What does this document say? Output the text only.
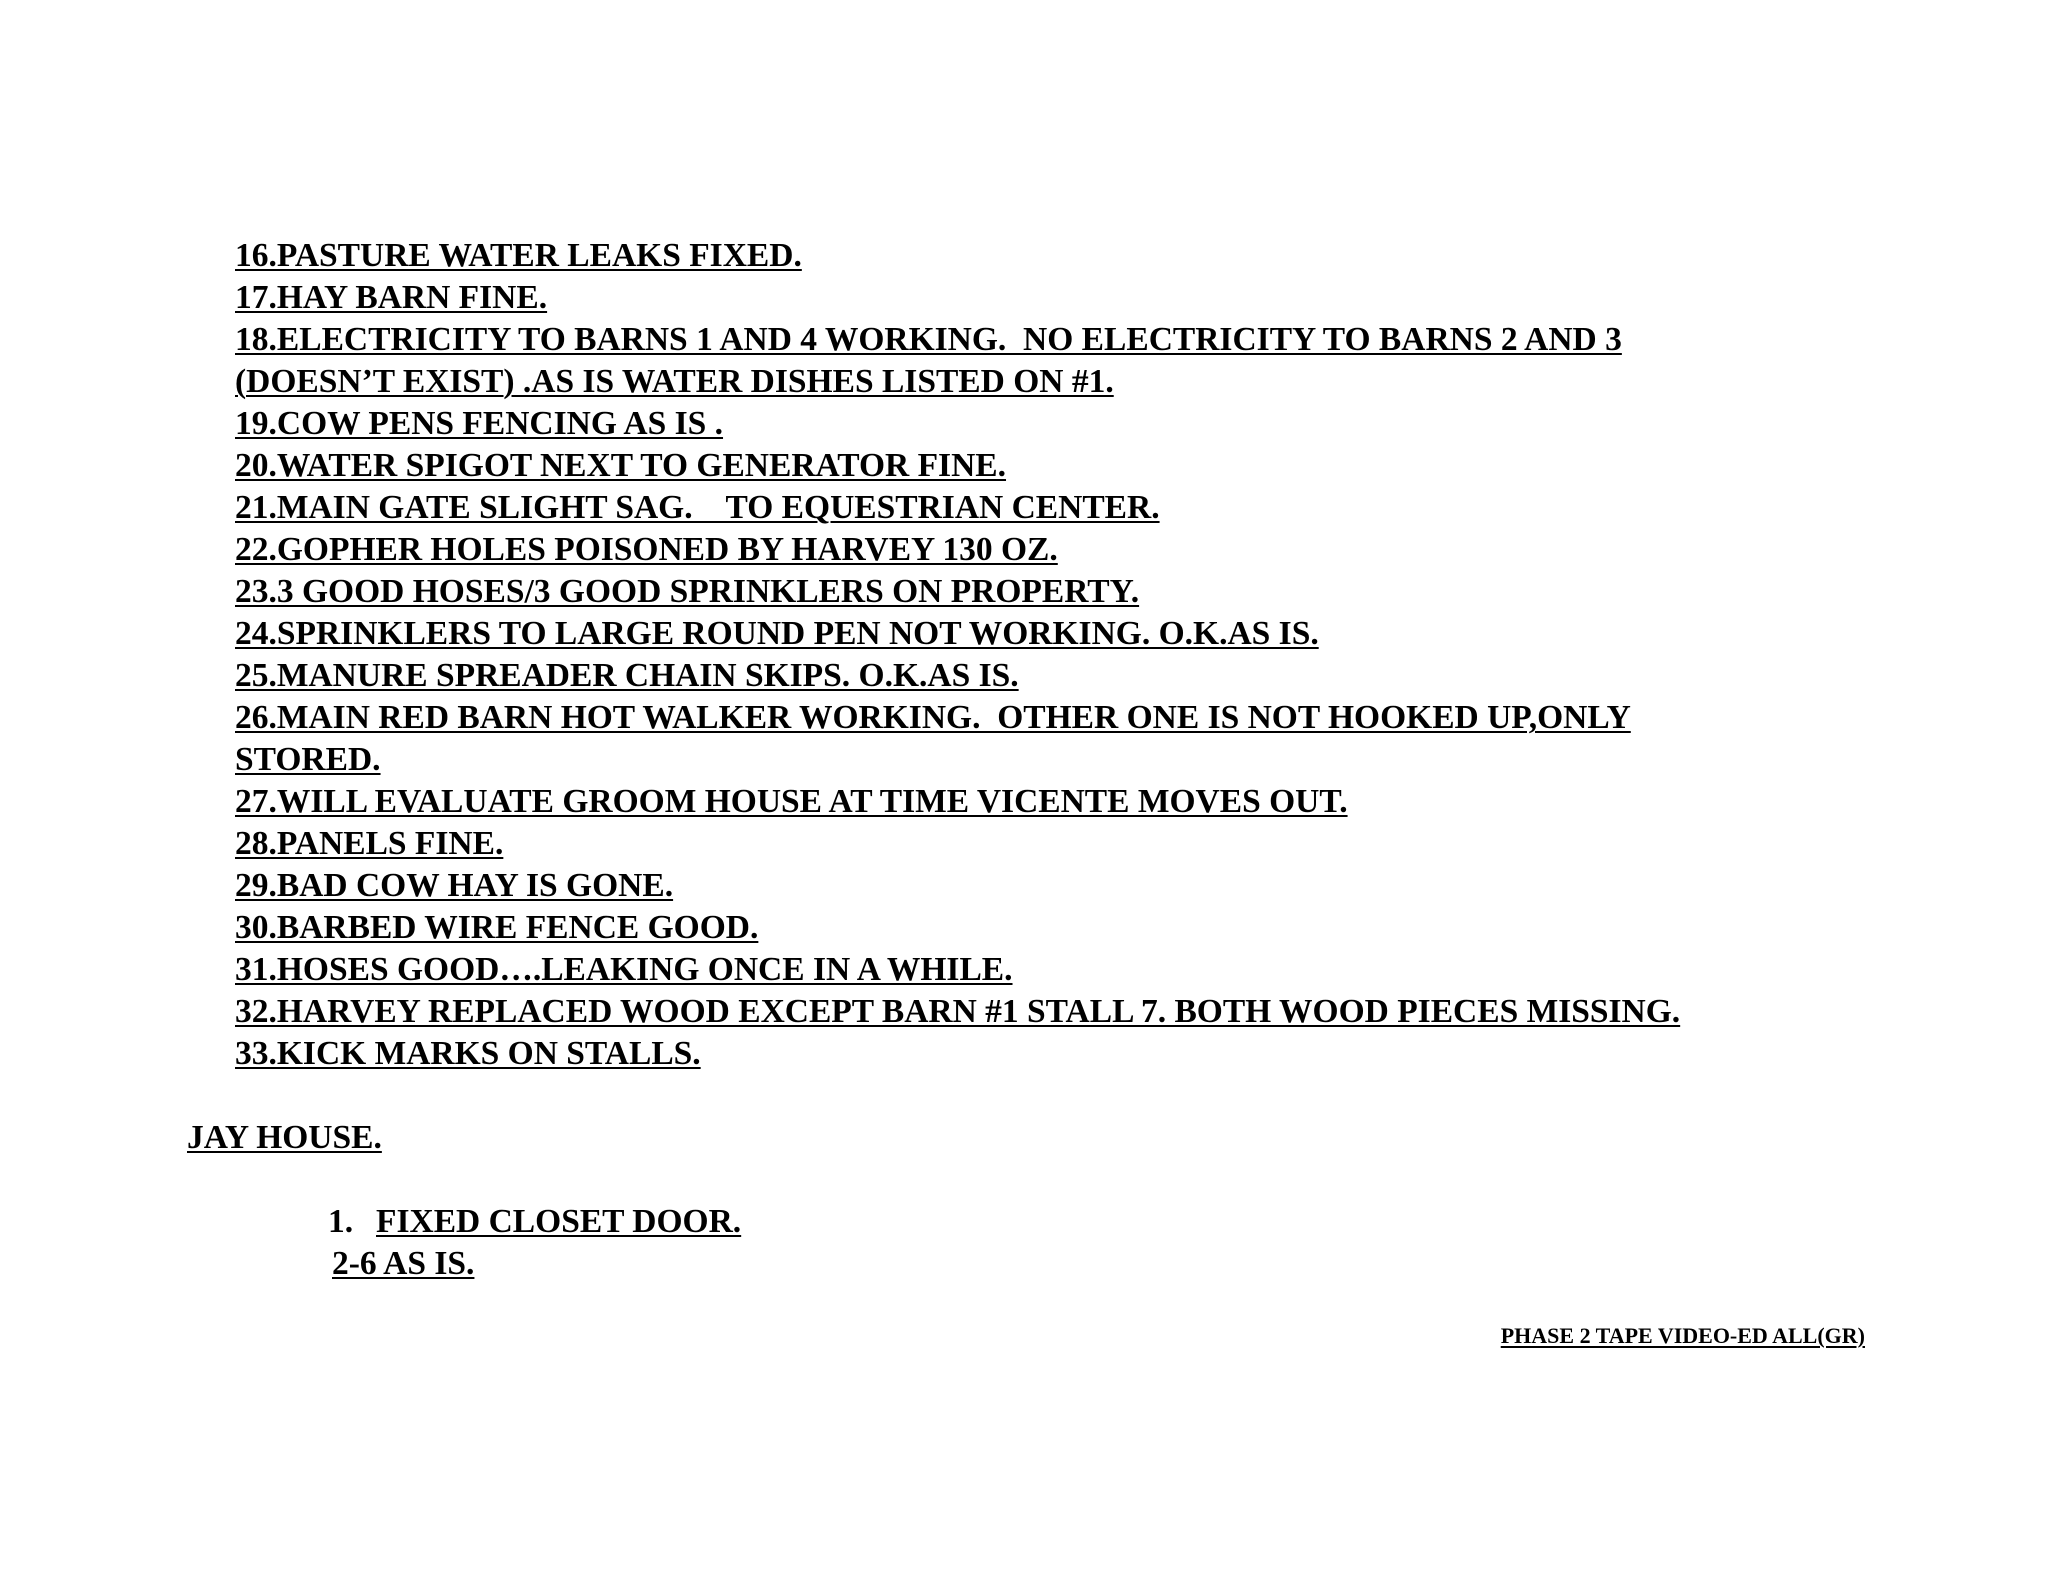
16.PASTURE WATER LEAKS FIXED.
17.HAY BARN FINE.
18.ELECTRICITY TO BARNS 1 AND 4 WORKING.  NO ELECTRICITY TO BARNS 2 AND 3
(DOESN’T EXIST) .AS IS WATER DISHES LISTED ON #1.
19.COW PENS FENCING AS IS .
20.WATER SPIGOT NEXT TO GENERATOR FINE.
21.MAIN GATE SLIGHT SAG.    TO EQUESTRIAN CENTER.
22.GOPHER HOLES POISONED BY HARVEY 130 OZ.
23.3 GOOD HOSES/3 GOOD SPRINKLERS ON PROPERTY.
24.SPRINKLERS TO LARGE ROUND PEN NOT WORKING. O.K.AS IS.
25.MANURE SPREADER CHAIN SKIPS. O.K.AS IS.
26.MAIN RED BARN HOT WALKER WORKING.  OTHER ONE IS NOT HOOKED UP,ONLY
STORED.
27.WILL EVALUATE GROOM HOUSE AT TIME VICENTE MOVES OUT.
28.PANELS FINE.
29.BAD COW HAY IS GONE.
30.BARBED WIRE FENCE GOOD.
31.HOSES GOOD….LEAKING ONCE IN A WHILE.
32.HARVEY REPLACED WOOD EXCEPT BARN #1 STALL 7. BOTH WOOD PIECES MISSING.
33.KICK MARKS ON STALLS.
JAY HOUSE.
1. FIXED CLOSET DOOR.
2-6 AS IS.
PHASE 2 TAPE VIDEO-ED ALL(GR)
